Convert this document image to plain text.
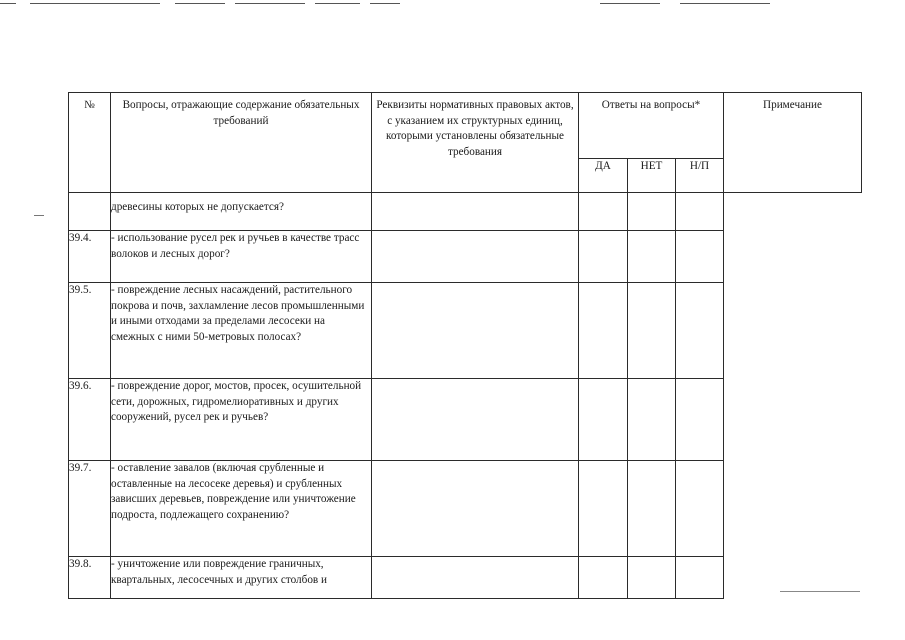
№	Вопросы, отражающие содержание обязательных требований	Реквизиты нормативных правовых актов, с указанием их структурных единиц, которыми установлены обязательные требования	Ответы на вопросы*			Примечание

			ДА	НЕТ	Н/П	
	древесины которых не допускается?					
39.4.	- использование русел рек и ручьев в качестве трасс волоков и лесных дорог?					
39.5.	- повреждение лесных насаждений, растительного покрова и почв, захламление лесов промышленными и иными отходами за пределами лесосеки на смежных с ними 50-метровых полосах?					
39.6.	- повреждение дорог, мостов, просек, осушительной сети, дорожных, гидромелиоративных и других сооружений, русел рек и ручьев?					
39.7.	- оставление завалов (включая срубленные и оставленные на лесосеке деревья) и срубленных зависших деревьев, повреждение или уничтожение подроста, подлежащего сохранению?					
39.8.	- уничтожение или повреждение граничных, квартальных, лесосечных и других столбов и					
